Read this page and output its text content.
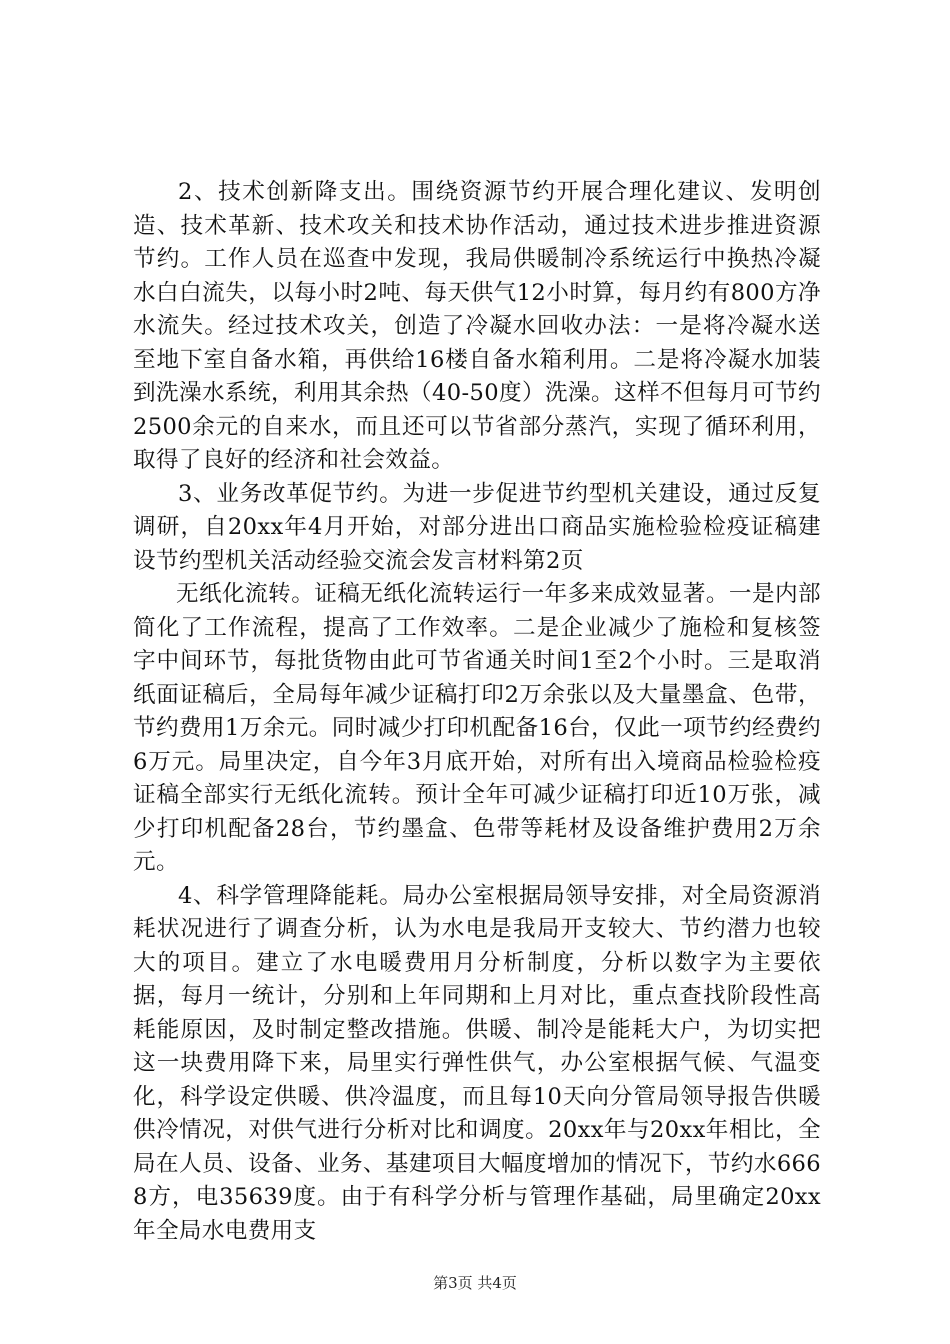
2、技术创新降支出。围绕资源节约开展合理化建议、发明创造、技术革新、技术攻关和技术协作活动，通过技术进步推进资源节约。工作人员在巡查中发现，我局供暖制冷系统运行中换热冷凝水白白流失，以每小时2吨、每天供气12小时算，每月约有800方净水流失。经过技术攻关，创造了冷凝水回收办法：一是将冷凝水送至地下室自备水箱，再供给16楼自备水箱利用。二是将冷凝水加装到洗澡水系统，利用其余热（40-50度）洗澡。这样不但每月可节约2500余元的自来水，而且还可以节省部分蒸汽，实现了循环利用，取得了良好的经济和社会效益。

3、业务改革促节约。为进一步促进节约型机关建设，通过反复调研，自20xx年4月开始，对部分进出口商品实施检验检疫证稿建设节约型机关活动经验交流会发言材料第2页

无纸化流转。证稿无纸化流转运行一年多来成效显著。一是内部简化了工作流程，提高了工作效率。二是企业减少了施检和复核签字中间环节，每批货物由此可节省通关时间1至2个小时。三是取消纸面证稿后，全局每年减少证稿打印2万余张以及大量墨盒、色带，节约费用1万余元。同时减少打印机配备16台，仅此一项节约经费约6万元。局里决定，自今年3月底开始，对所有出入境商品检验检疫证稿全部实行无纸化流转。预计全年可减少证稿打印近10万张，减少打印机配备28台，节约墨盒、色带等耗材及设备维护费用2万余元。

4、科学管理降能耗。局办公室根据局领导安排，对全局资源消耗状况进行了调查分析，认为水电是我局开支较大、节约潜力也较大的项目。建立了水电暖费用月分析制度，分析以数字为主要依据，每月一统计，分别和上年同期和上月对比，重点查找阶段性高耗能原因，及时制定整改措施。供暖、制冷是能耗大户，为切实把这一块费用降下来，局里实行弹性供气，办公室根据气候、气温变化，科学设定供暖、供冷温度，而且每10天向分管局领导报告供暖供冷情况，对供气进行分析对比和调度。20xx年与20xx年相比，全局在人员、设备、业务、基建项目大幅度增加的情况下，节约水6668方，电35639度。由于有科学分析与管理作基础，局里确定20xx年全局水电费用支

第3页 共4页
